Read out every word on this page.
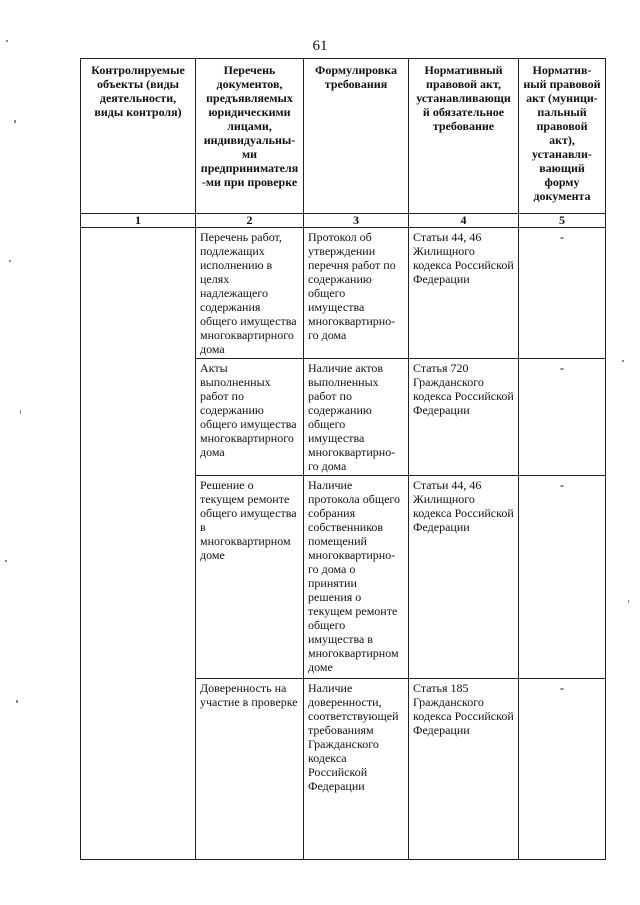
61
Контролируемые объекты (виды деятельности, виды контроля)	Перечень документов, предъявляемых юридическими лицами, индивидуальны-ми предпринимателя -ми при проверке	Формулировка требования	Нормативный правовой акт, устанавливающи й обязательное требование	Норматив-ный правовой акт (муници-пальный правовой акт), устанавли-вающий форму документа
1	2	3	4	5
	Перечень работ, подлежащих исполнению в целях надлежащего содержания общего имущества многоквартирного дома	Протокол об утверждении перечня работ по содержанию общего имущества многоквартирно-го дома	Статьи 44, 46 Жилищного кодекса Российской Федерации	-
	Акты выполненных работ по содержанию общего имущества многоквартирного дома	Наличие актов выполненных работ по содержанию общего имущества многоквартирно-го дома	Статья 720 Гражданского кодекса Российской Федерации	-
	Решение о текущем ремонте общего имущества в многоквартирном доме	Наличие протокола общего собрания собственников помещений многоквартирно-го дома о принятии решения о текущем ремонте общего имущества в многоквартирном доме	Статьи 44, 46 Жилищного кодекса Российской Федерации	-
	Доверенность на участие в проверке	Наличие доверенности, соответствующей требованиям Гражданского кодекса Российской Федерации	Статья 185 Гражданского кодекса Российской Федерации	-
